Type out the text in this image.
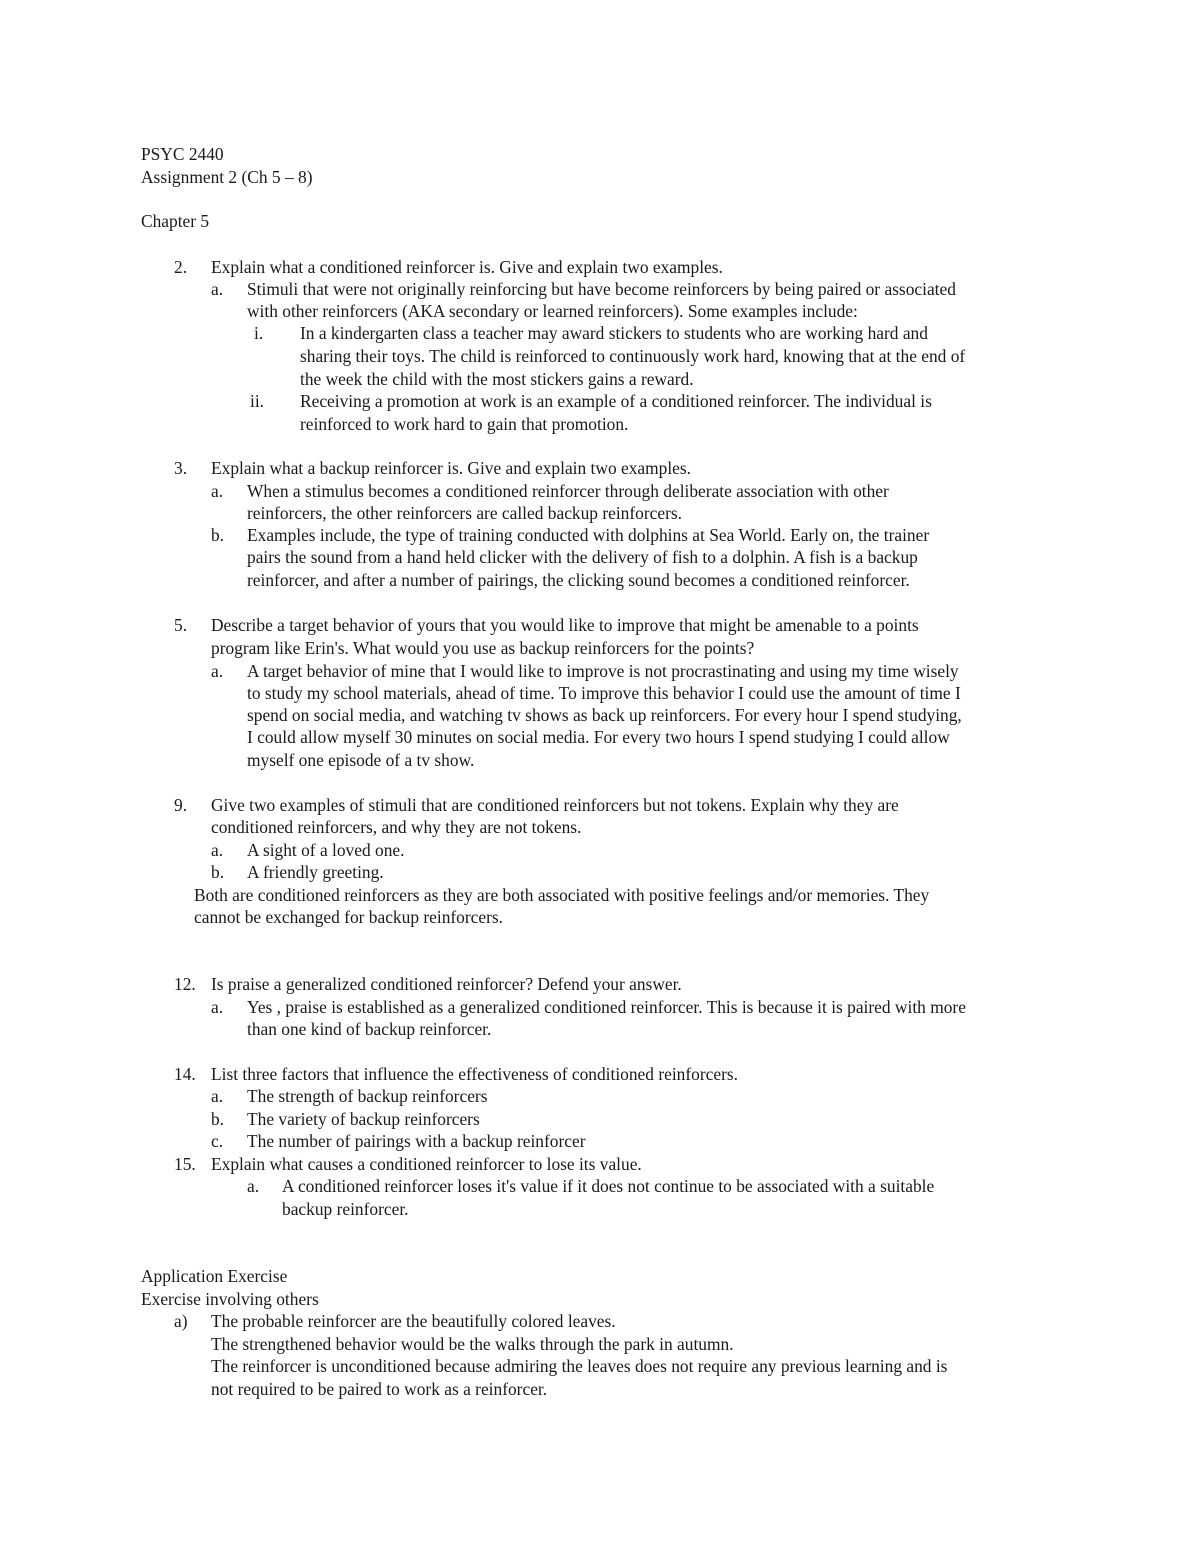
PSYC 2440
Assignment 2 (Ch 5 – 8)
Chapter 5
2. Explain what a conditioned reinforcer is. Give and explain two examples.
a. Stimuli that were not originally reinforcing but have become reinforcers by being paired or associated
with other reinforcers (AKA secondary or learned reinforcers). Some examples include:
i. In a kindergarten class a teacher may award stickers to students who are working hard and
sharing their toys. The child is reinforced to continuously work hard, knowing that at the end of
the week the child with the most stickers gains a reward.
ii. Receiving a promotion at work is an example of a conditioned reinforcer. The individual is
reinforced to work hard to gain that promotion.
3. Explain what a backup reinforcer is. Give and explain two examples.
a. When a stimulus becomes a conditioned reinforcer through deliberate association with other
reinforcers, the other reinforcers are called backup reinforcers.
b. Examples include, the type of training conducted with dolphins at Sea World. Early on, the trainer
pairs the sound from a hand held clicker with the delivery of fish to a dolphin. A fish is a backup
reinforcer, and after a number of pairings, the clicking sound becomes a conditioned reinforcer.
5. Describe a target behavior of yours that you would like to improve that might be amenable to a points
program like Erin's. What would you use as backup reinforcers for the points?
a. A target behavior of mine that I would like to improve is not procrastinating and using my time wisely
to study my school materials, ahead of time. To improve this behavior I could use the amount of time I
spend on social media, and watching tv shows as back up reinforcers. For every hour I spend studying,
I could allow myself 30 minutes on social media. For every two hours I spend studying I could allow
myself one episode of a tv show.
9. Give two examples of stimuli that are conditioned reinforcers but not tokens. Explain why they are
conditioned reinforcers, and why they are not tokens.
a. A sight of a loved one.
b. A friendly greeting.
Both are conditioned reinforcers as they are both associated with positive feelings and/or memories. They
cannot be exchanged for backup reinforcers.
12. Is praise a generalized conditioned reinforcer? Defend your answer.
a. Yes , praise is established as a generalized conditioned reinforcer. This is because it is paired with more
than one kind of backup reinforcer.
14. List three factors that influence the effectiveness of conditioned reinforcers.
a. The strength of backup reinforcers
b. The variety of backup reinforcers
c. The number of pairings with a backup reinforcer
15. Explain what causes a conditioned reinforcer to lose its value.
a. A conditioned reinforcer loses it's value if it does not continue to be associated with a suitable
backup reinforcer.
Application Exercise
Exercise involving others
a) The probable reinforcer are the beautifully colored leaves.
The strengthened behavior would be the walks through the park in autumn.
The reinforcer is unconditioned because admiring the leaves does not require any previous learning and is
not required to be paired to work as a reinforcer.
